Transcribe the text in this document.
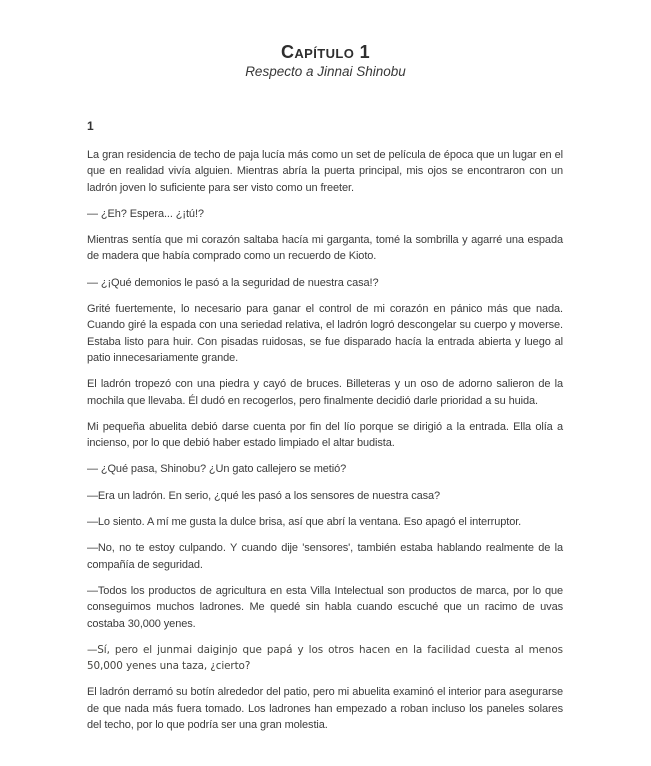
Capítulo 1
Respecto a Jinnai Shinobu
1

La gran residencia de techo de paja lucía más como un set de película de época que un lugar en el que en realidad vivía alguien. Mientras abría la puerta principal, mis ojos se encontraron con un ladrón joven lo suficiente para ser visto como un freeter.

— ¿Eh? Espera... ¿¡tú!?

Mientras sentía que mi corazón saltaba hacía mi garganta, tomé la sombrilla y agarré una espada de madera que había comprado como un recuerdo de Kioto.

— ¿¡Qué demonios le pasó a la seguridad de nuestra casa!?

Grité fuertemente, lo necesario para ganar el control de mi corazón en pánico más que nada. Cuando giré la espada con una seriedad relativa, el ladrón logró descongelar su cuerpo y moverse. Estaba listo para huir. Con pisadas ruidosas, se fue disparado hacía la entrada abierta y luego al patio innecesariamente grande.

El ladrón tropezó con una piedra y cayó de bruces. Billeteras y un oso de adorno salieron de la mochila que llevaba. Él dudó en recogerlos, pero finalmente decidió darle prioridad a su huida.

Mi pequeña abuelita debió darse cuenta por fin del lío porque se dirigió a la entrada. Ella olía a incienso, por lo que debió haber estado limpiado el altar budista.

— ¿Qué pasa, Shinobu? ¿Un gato callejero se metió?

—Era un ladrón. En serio, ¿qué les pasó a los sensores de nuestra casa?

—Lo siento. A mí me gusta la dulce brisa, así que abrí la ventana. Eso apagó el interruptor.

—No, no te estoy culpando. Y cuando dije 'sensores', también estaba hablando realmente de la compañía de seguridad.

—Todos los productos de agricultura en esta Villa Intelectual son productos de marca, por lo que conseguimos muchos ladrones. Me quedé sin habla cuando escuché que un racimo de uvas costaba 30,000 yenes.

—Sí, pero el junmai daiginjo que papá y los otros hacen en la facilidad cuesta al menos 50,000 yenes una taza, ¿cierto?

El ladrón derramó su botín alrededor del patio, pero mi abuelita examinó el interior para asegurarse de que nada más fuera tomado. Los ladrones han empezado a roban incluso los paneles solares del techo, por lo que podría ser una gran molestia.
